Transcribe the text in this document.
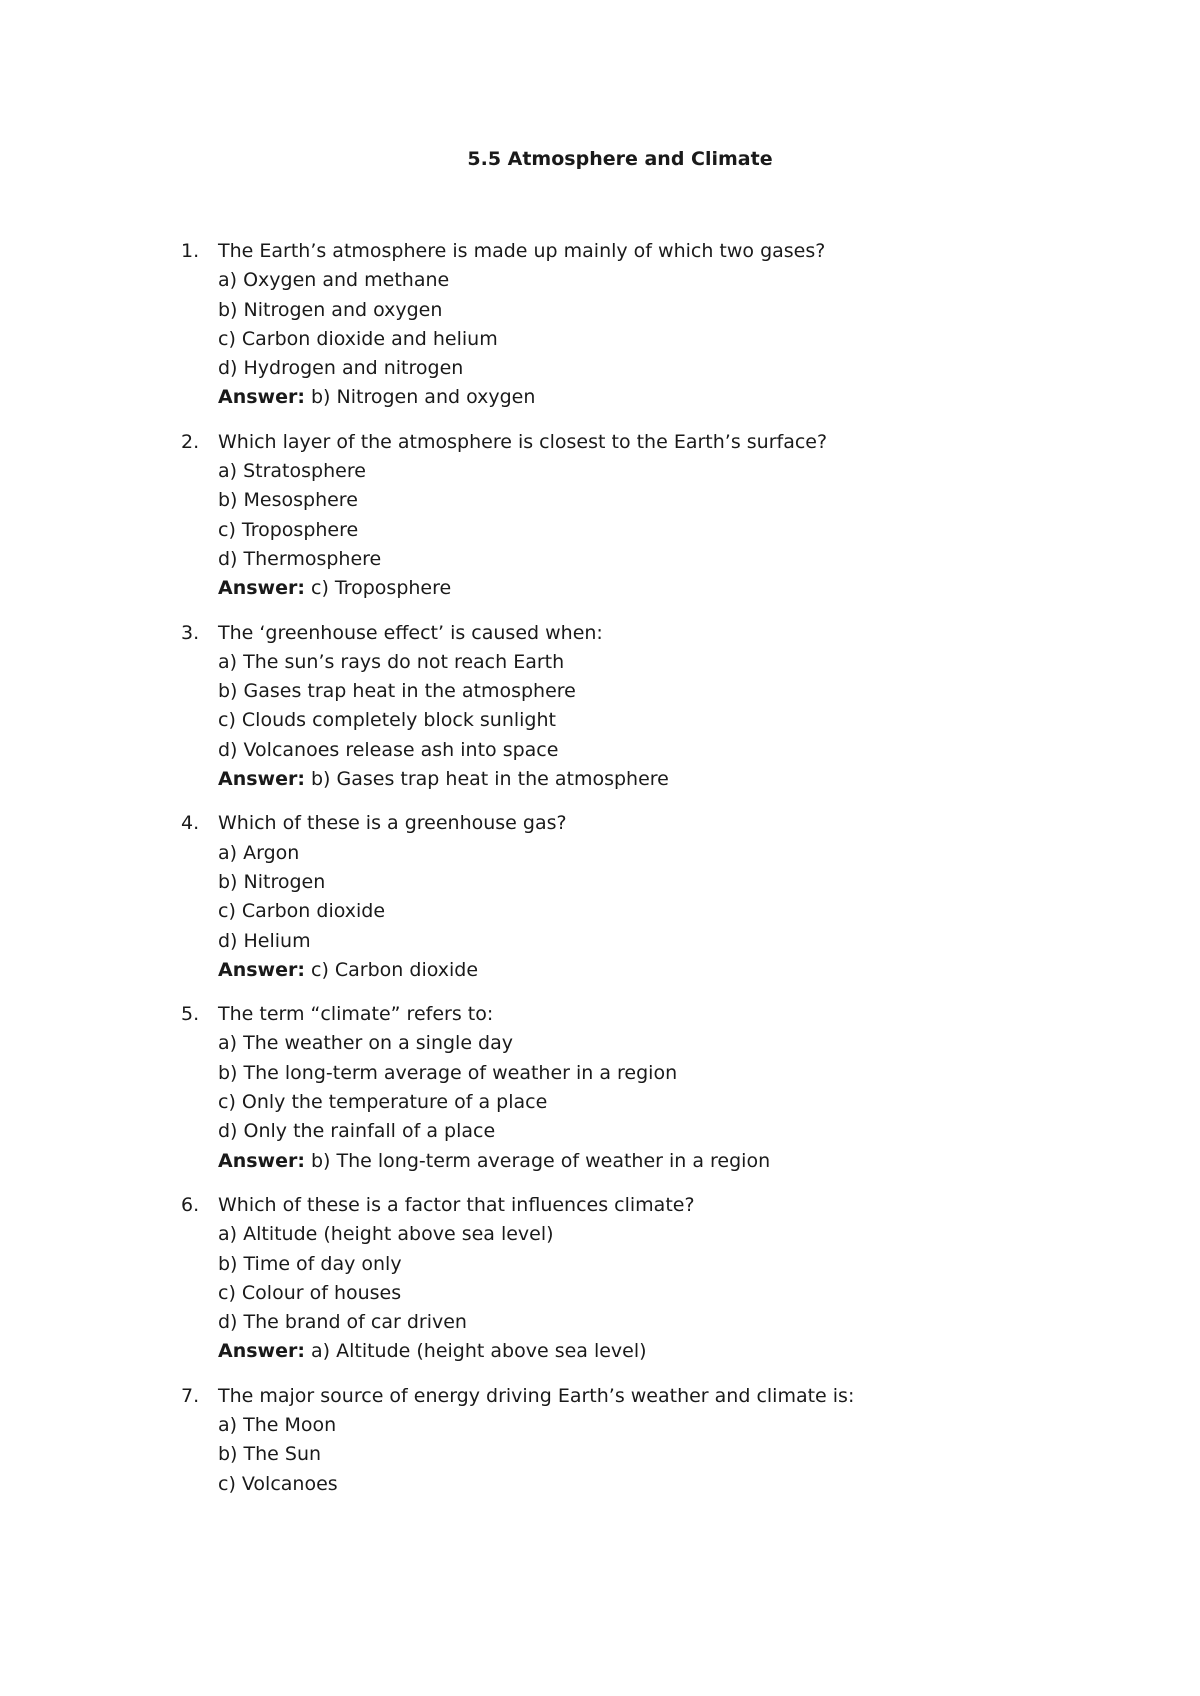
5.5 Atmosphere and Climate
1. The Earth’s atmosphere is made up mainly of which two gases?
a) Oxygen and methane
b) Nitrogen and oxygen
c) Carbon dioxide and helium
d) Hydrogen and nitrogen
Answer: b) Nitrogen and oxygen
2. Which layer of the atmosphere is closest to the Earth’s surface?
a) Stratosphere
b) Mesosphere
c) Troposphere
d) Thermosphere
Answer: c) Troposphere
3. The ‘greenhouse effect’ is caused when:
a) The sun’s rays do not reach Earth
b) Gases trap heat in the atmosphere
c) Clouds completely block sunlight
d) Volcanoes release ash into space
Answer: b) Gases trap heat in the atmosphere
4. Which of these is a greenhouse gas?
a) Argon
b) Nitrogen
c) Carbon dioxide
d) Helium
Answer: c) Carbon dioxide
5. The term “climate” refers to:
a) The weather on a single day
b) The long-term average of weather in a region
c) Only the temperature of a place
d) Only the rainfall of a place
Answer: b) The long-term average of weather in a region
6. Which of these is a factor that influences climate?
a) Altitude (height above sea level)
b) Time of day only
c) Colour of houses
d) The brand of car driven
Answer: a) Altitude (height above sea level)
7. The major source of energy driving Earth’s weather and climate is:
a) The Moon
b) The Sun
c) Volcanoes
